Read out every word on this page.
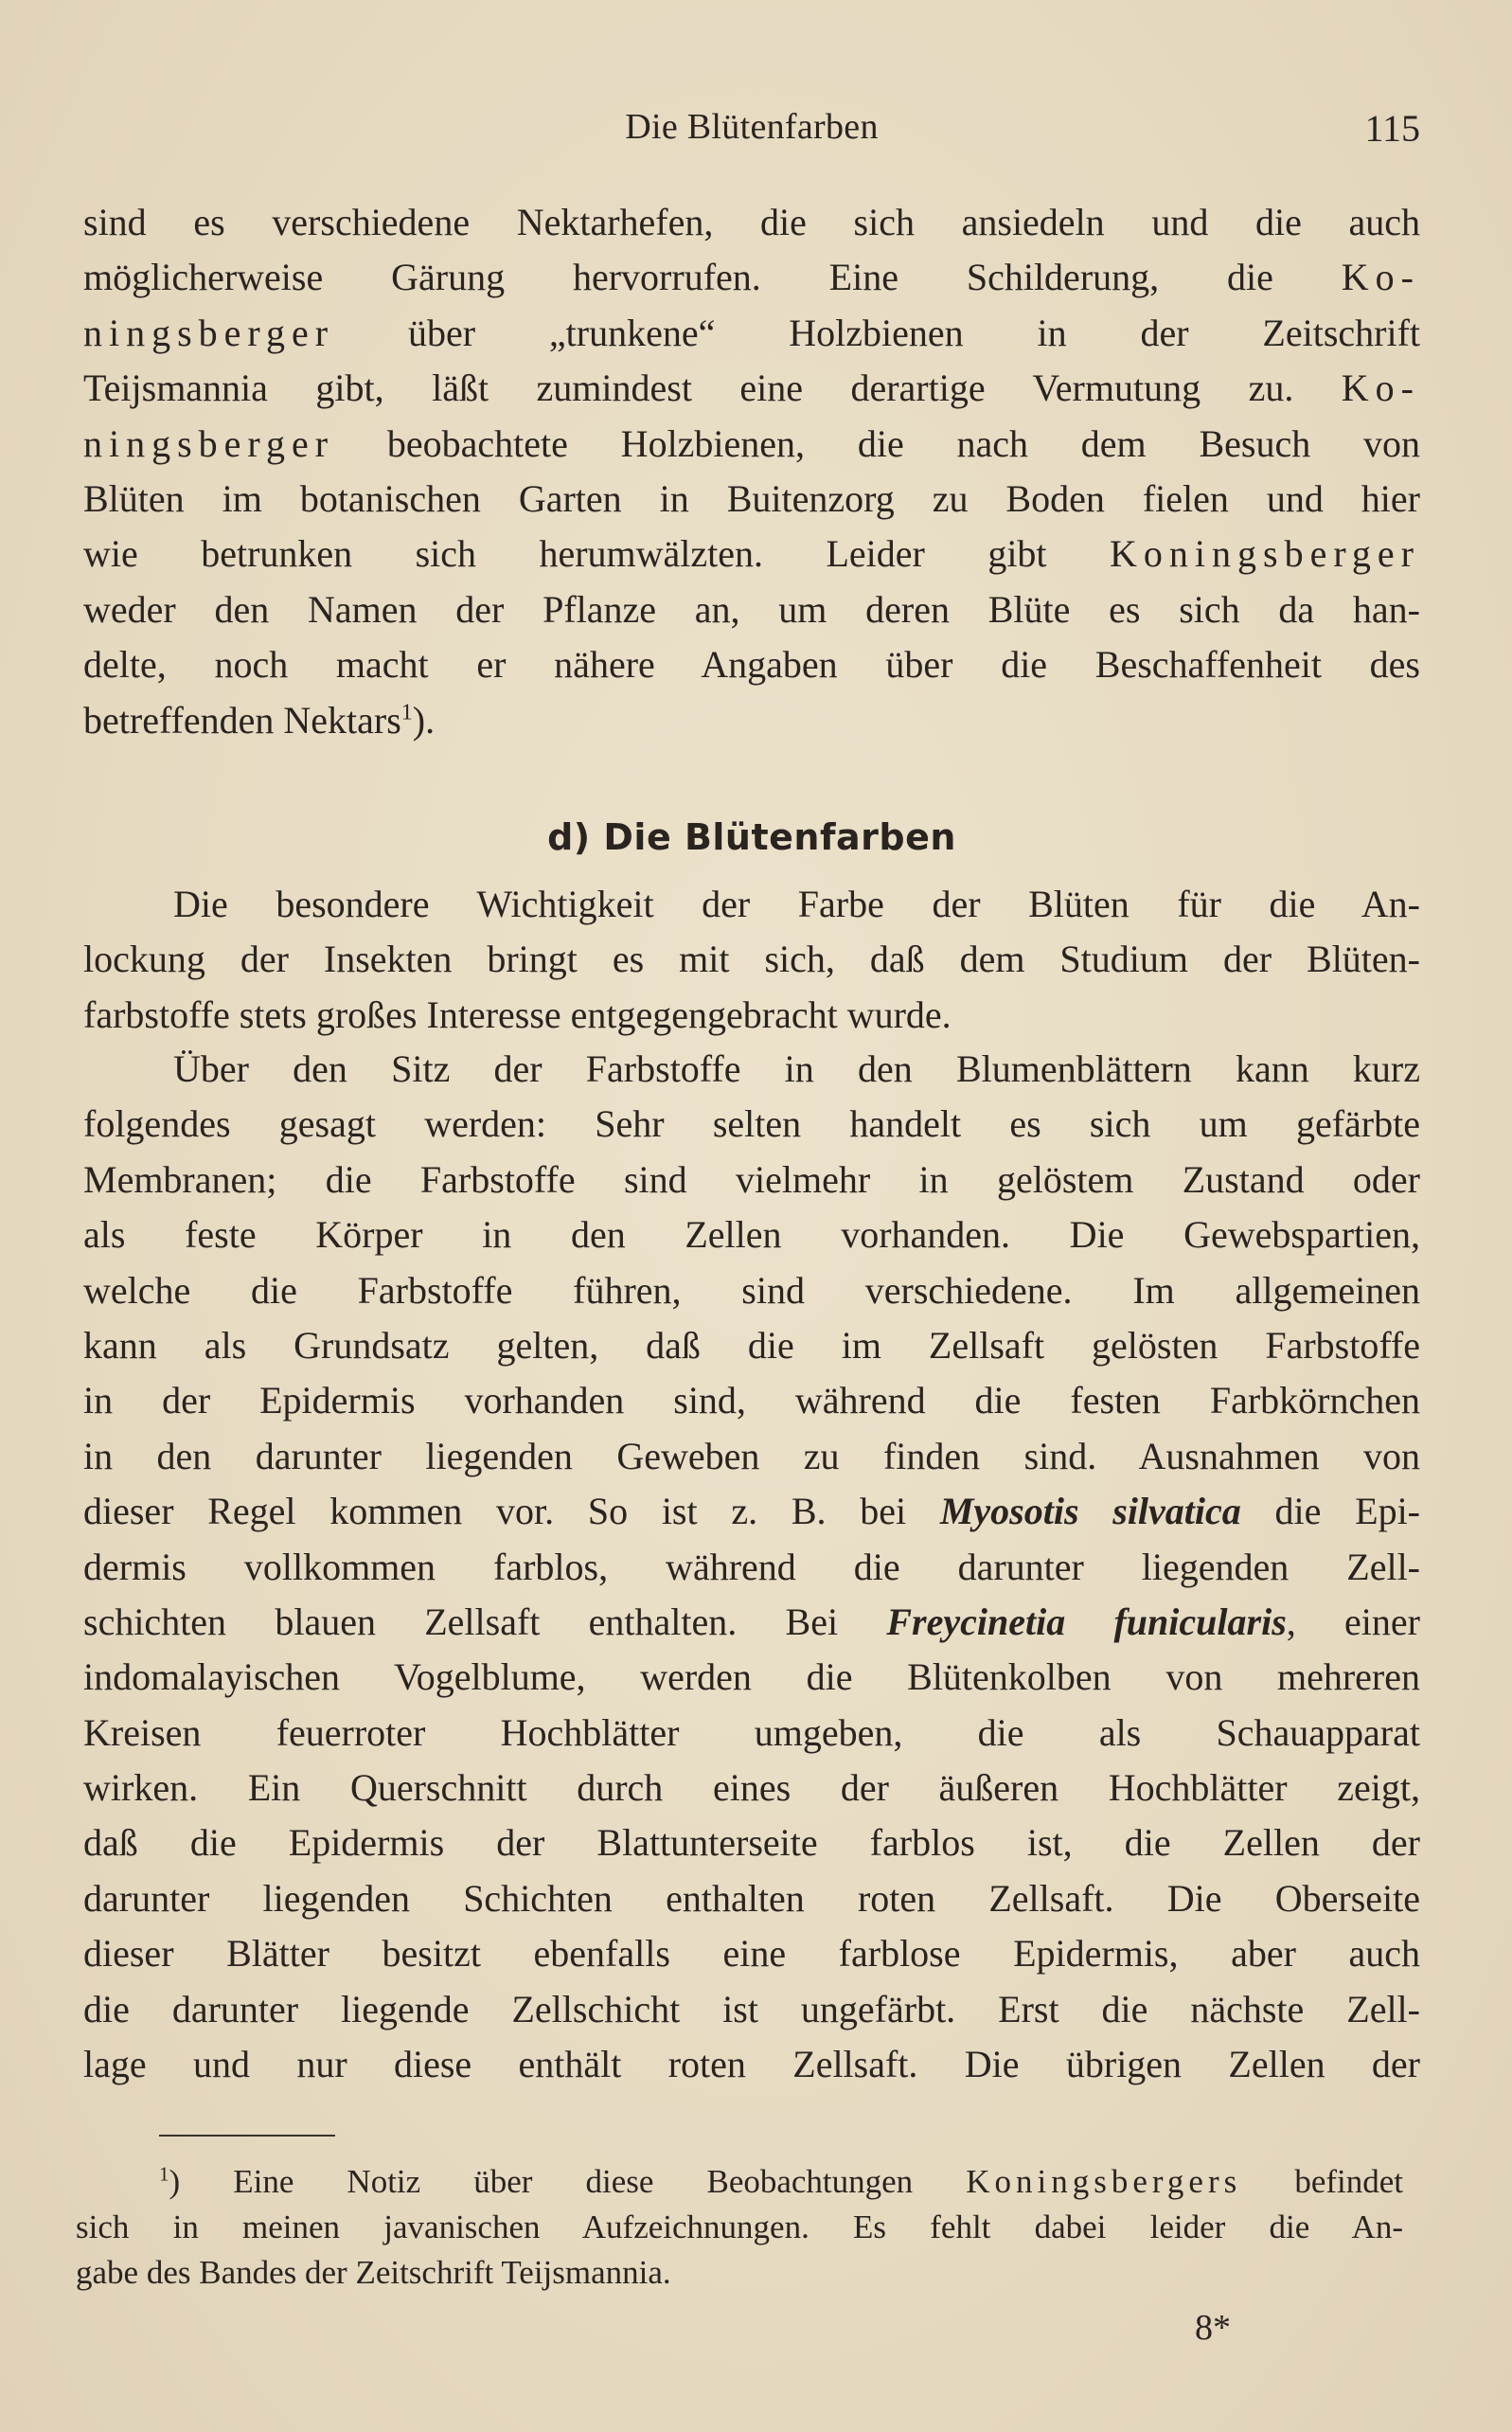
Die Blütenfarben	115
sind es verschiedene Nektarhefen, die sich ansiedeln und die auch
möglicherweise Gärung hervorrufen. Eine Schilderung, die Ko-
ningsberger über „trunkene“ Holzbienen in der Zeitschrift
Teijsmannia gibt, läßt zumindest eine derartige Vermutung zu. Ko-
ningsberger beobachtete Holzbienen, die nach dem Besuch von
Blüten im botanischen Garten in Buitenzorg zu Boden fielen und hier
wie betrunken sich herumwälzten. Leider gibt Koningsberger
weder den Namen der Pflanze an, um deren Blüte es sich da han-
delte, noch macht er nähere Angaben über die Beschaffenheit des
betreffenden Nektars$^1$).
d) Die Blütenfarben
Die besondere Wichtigkeit der Farbe der Blüten für die An-
lockung der Insekten bringt es mit sich, daß dem Studium der Blüten-
farbstoffe stets großes Interesse entgegengebracht wurde.
Über den Sitz der Farbstoffe in den Blumenblättern kann kurz
folgendes gesagt werden: Sehr selten handelt es sich um gefärbte
Membranen; die Farbstoffe sind vielmehr in gelöstem Zustand oder
als feste Körper in den Zellen vorhanden. Die Gewebspartien,
welche die Farbstoffe führen, sind verschiedene. Im allgemeinen
kann als Grundsatz gelten, daß die im Zellsaft gelösten Farbstoffe
in der Epidermis vorhanden sind, während die festen Farbkörnchen
in den darunter liegenden Geweben zu finden sind. Ausnahmen von
dieser Regel kommen vor. So ist z. B. bei Myosotis silvatica die Epi-
dermis vollkommen farblos, während die darunter liegenden Zell-
schichten blauen Zellsaft enthalten. Bei Freycinetia funicularis, einer
indomalayischen Vogelblume, werden die Blütenkolben von mehreren
Kreisen feuerroter Hochblätter umgeben, die als Schauapparat
wirken. Ein Querschnitt durch eines der äußeren Hochblätter zeigt,
daß die Epidermis der Blattunterseite farblos ist, die Zellen der
darunter liegenden Schichten enthalten roten Zellsaft. Die Oberseite
dieser Blätter besitzt ebenfalls eine farblose Epidermis, aber auch
die darunter liegende Zellschicht ist ungefärbt. Erst die nächste Zell-
lage und nur diese enthält roten Zellsaft. Die übrigen Zellen der
$^1$) Eine Notiz über diese Beobachtungen Koningsbergers befindet
sich in meinen javanischen Aufzeichnungen. Es fehlt dabei leider die An-
gabe des Bandes der Zeitschrift Teijsmannia.
8*
